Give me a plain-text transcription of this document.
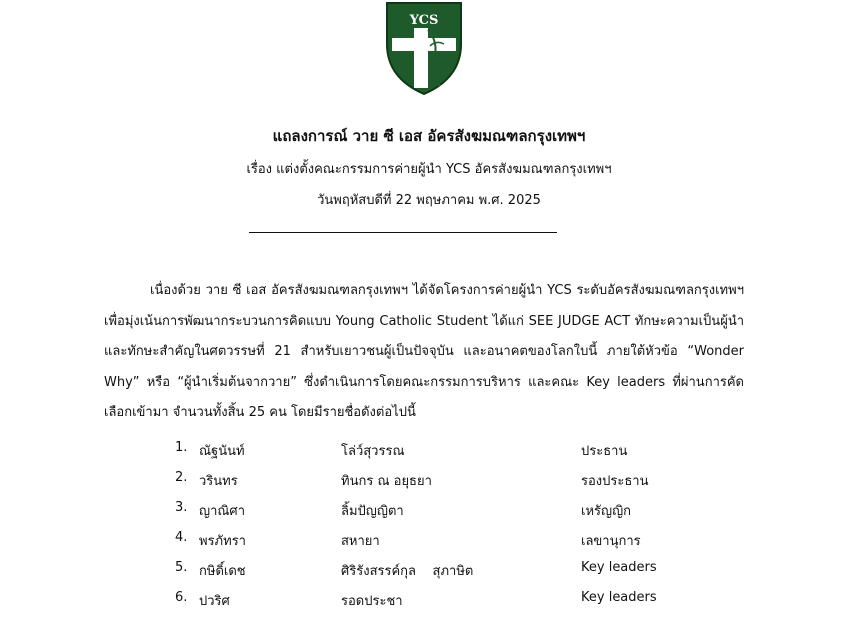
YCS
แถลงการณ์ วาย ซี เอส อัครสังฆมณฑลกรุงเทพฯ
เรื่อง แต่งตั้งคณะกรรมการค่ายผู้นำ YCS อัครสังฆมณฑลกรุงเทพฯ
วันพฤหัสบดีที่ 22 พฤษภาคม พ.ศ. 2025
เนื่องด้วย วาย ซี เอส อัครสังฆมณฑลกรุงเทพฯ ได้จัดโครงการค่ายผู้นำ YCS ระดับอัครสังฆมณฑลกรุงเทพฯ เพื่อมุ่งเน้นการพัฒนากระบวนการคิดแบบ Young Catholic Student ได้แก่ SEE JUDGE ACT ทักษะความเป็นผู้นำ และทักษะสำคัญในศตวรรษที่ 21 สำหรับเยาวชนผู้เป็นปัจจุบัน และอนาคตของโลกใบนี้ ภายใต้หัวข้อ “Wonder Why” หรือ “ผู้นำเริ่มต้นจากวาย” ซึ่งดำเนินการโดยคณะกรรมการบริหาร และคณะ Key leaders ที่ผ่านการคัดเลือกเข้ามา จำนวนทั้งสิ้น 25 คน โดยมีรายชื่อดังต่อไปนี้
1. ณัฐนันท์	โล่ว์สุวรรณ	ประธาน
2. วรินทร	ทินกร ณ อยุธยา	รองประธาน
3. ญาณิศา	ลิ้มปัญญิตา	เหรัญญิก
4. พรภัทรา	สหายา	เลขานุการ
5. กษิดิ์เดช	ศิริรังสรรค์กุล    สุภาษิต	Key leaders
6. ปวริศ	รอดประชา	Key leaders
